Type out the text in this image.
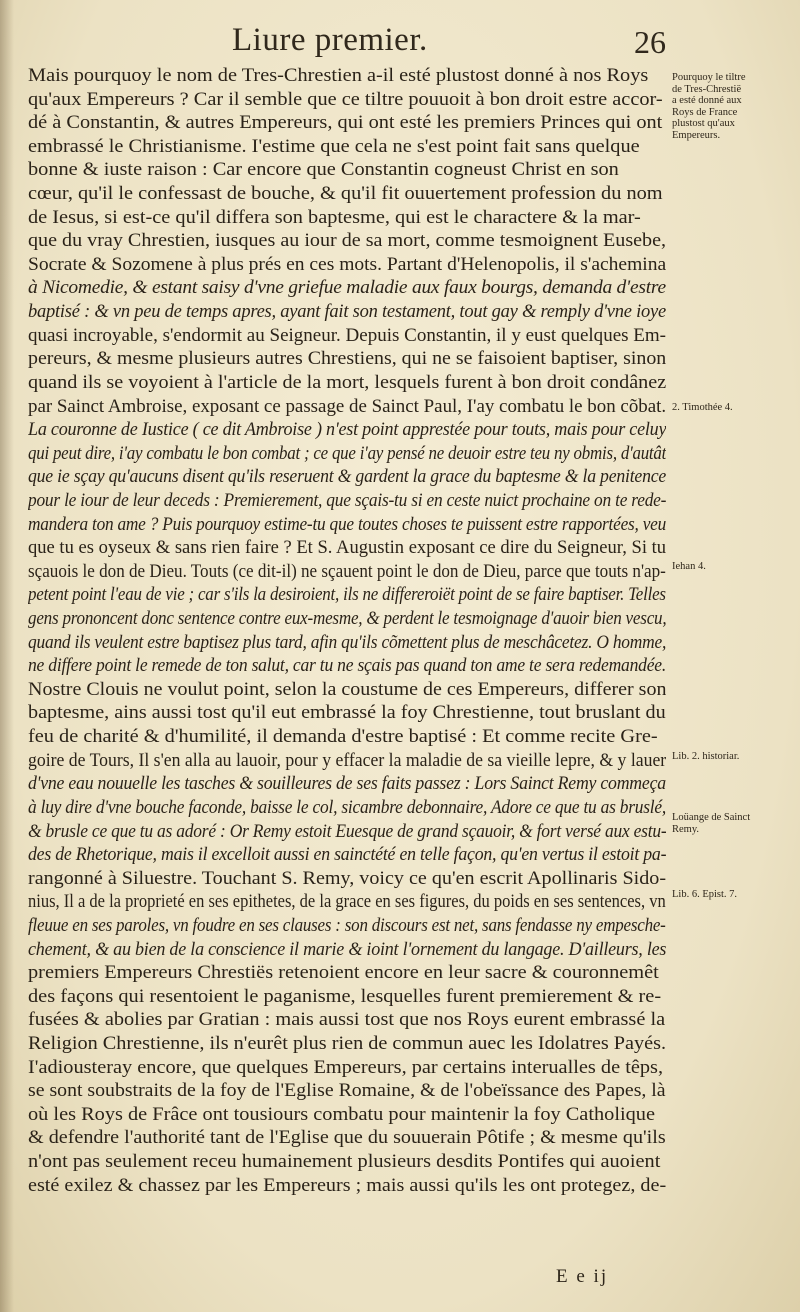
Liure premier.	26
Mais pourquoy le nom de Tres-Chrestien a-il esté plustost donné à nos Roys
qu'aux Empereurs ? Car il semble que ce tiltre pouuoit à bon droit estre accor-
dé à Constantin, & autres Empereurs, qui ont esté les premiers Princes qui ont
embrassé le Christianisme. I'estime que cela ne s'est point fait sans quelque
bonne & iuste raison : Car encore que Constantin cogneust Christ en son
cœur, qu'il le confessast de bouche, & qu'il fit ouuertement profession du nom
de Iesus, si est-ce qu'il differa son baptesme, qui est le charactere & la mar-
que du vray Chrestien, iusques au iour de sa mort, comme tesmoignent Eusebe,
Socrate & Sozomene à plus prés en ces mots. Partant d'Helenopolis, il s'achemina
à Nicomedie, & estant saisy d'vne griefue maladie aux faux bourgs, demanda d'estre
baptisé : & vn peu de temps apres, ayant fait son testament, tout gay & remply d'vne ioye
quasi incroyable, s'endormit au Seigneur. Depuis Constantin, il y eust quelques Em-
pereurs, & mesme plusieurs autres Chrestiens, qui ne se faisoient baptiser, sinon
quand ils se voyoient à l'article de la mort, lesquels furent à bon droit condânez
par Sainct Ambroise, exposant ce passage de Sainct Paul, I'ay combatu le bon cõbat.
La couronne de Iustice ( ce dit Ambroise ) n'est point apprestée pour touts, mais pour celuy
qui peut dire, i'ay combatu le bon combat ; ce que i'ay pensé ne deuoir estre teu ny obmis, d'autât
que ie sçay qu'aucuns disent qu'ils reseruent & gardent la grace du baptesme & la penitence
pour le iour de leur deceds : Premierement, que sçais-tu si en ceste nuict prochaine on te rede-
mandera ton ame ? Puis pourquoy estime-tu que toutes choses te puissent estre rapportées, veu
que tu es oyseux & sans rien faire ? Et S. Augustin exposant ce dire du Seigneur, Si tu
sçauois le don de Dieu. Touts (ce dit-il) ne sçauent point le don de Dieu, parce que touts n'ap-
petent point l'eau de vie ; car s'ils la desiroient, ils ne differeroiët point de se faire baptiser. Telles
gens prononcent donc sentence contre eux-mesme, & perdent le tesmoignage d'auoir bien vescu,
quand ils veulent estre baptisez plus tard, afin qu'ils cõmettent plus de meschâcetez. O homme,
ne differe point le remede de ton salut, car tu ne sçais pas quand ton ame te sera redemandée.
Nostre Clouis ne voulut point, selon la coustume de ces Empereurs, differer son
baptesme, ains aussi tost qu'il eut embrassé la foy Chrestienne, tout bruslant du
feu de charité & d'humilité, il demanda d'estre baptisé : Et comme recite Gre-
goire de Tours, Il s'en alla au lauoir, pour y effacer la maladie de sa vieille lepre, & y lauer
d'vne eau nouuelle les tasches & souilleures de ses faits passez : Lors Sainct Remy commeça
à luy dire d'vne bouche faconde, baisse le col, sicambre debonnaire, Adore ce que tu as bruslé,
& brusle ce que tu as adoré : Or Remy estoit Euesque de grand sçauoir, & fort versé aux estu-
des de Rhetorique, mais il excelloit aussi en sainctété en telle façon, qu'en vertus il estoit pa-
rangonné à Siluestre. Touchant S. Remy, voicy ce qu'en escrit Apollinaris Sido-
nius, Il a de la proprieté en ses epithetes, de la grace en ses figures, du poids en ses sentences, vn
fleuue en ses paroles, vn foudre en ses clauses : son discours est net, sans fendasse ny empesche-
chement, & au bien de la conscience il marie & ioint l'ornement du langage. D'ailleurs, les
premiers Empereurs Chrestiës retenoient encore en leur sacre & couronnemêt
des façons qui resentoient le paganisme, lesquelles furent premierement & re-
fusées & abolies par Gratian : mais aussi tost que nos Roys eurent embrassé la
Religion Chrestienne, ils n'eurêt plus rien de commun auec les Idolatres Payés.
I'adiousteray encore, que quelques Empereurs, par certains interualles de têps,
se sont soubstraits de la foy de l'Eglise Romaine, & de l'obeïssance des Papes, là
où les Roys de Frâce ont tousiours combatu pour maintenir la foy Catholique
& defendre l'authorité tant de l'Eglise que du souuerain Pôtife ; & mesme qu'ils
n'ont pas seulement receu humainement plusieurs desdits Pontifes qui auoient
esté exilez & chassez par les Empereurs ; mais aussi qu'ils les ont protegez, de-
Pourquoy le tiltre
de Tres-Chrestië
a esté donné aux
Roys de France
plustost qu'aux
Empereurs.
2. Timothée 4.
Iehan 4.
Lib. 2. historiar.
Loüange de Sainct
Remy.
Lib. 6. Epist. 7.
E e ij
